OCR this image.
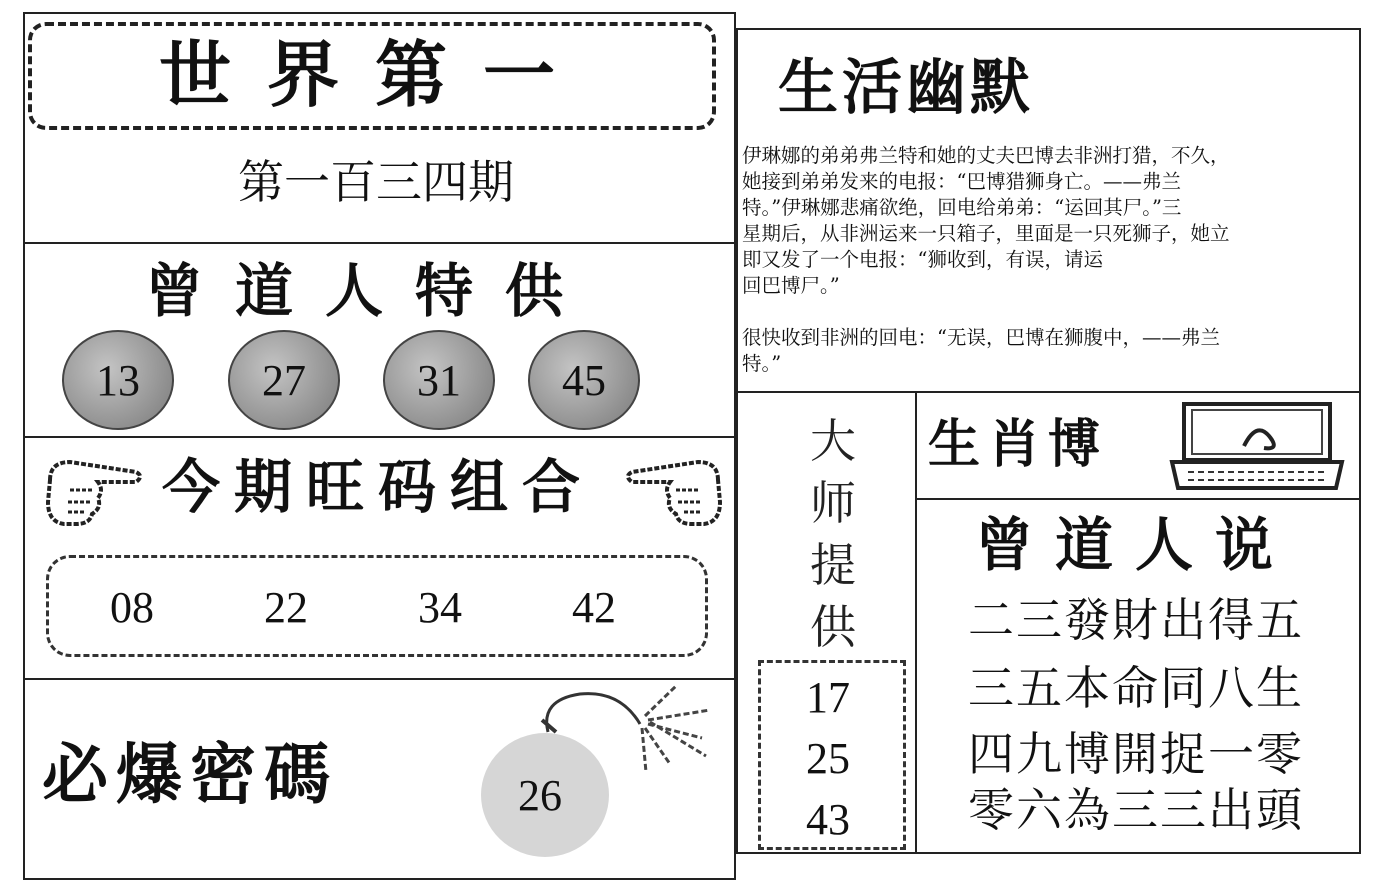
世界第一
第一百三四期
曾道人特供
13	27	31	45
今期旺码组合
08	22	34	42
必爆密碼	26
生活幽默
伊琳娜的弟弟弗兰特和她的丈夫巴博去非洲打猎，不久，
她接到弟弟发来的电报：“巴博猎狮身亡。——弗兰
特。”伊琳娜悲痛欲绝，回电给弟弟：“运回其尸。”三
星期后，从非洲运来一只箱子，里面是一只死狮子，她立
即又发了一个电报：“狮收到，有误，请运
回巴博尸。”
很快收到非洲的回电：“无误，巴博在狮腹中，——弗兰
特。”
大
师
提
供
17
25
43
生肖博
曾道人说
二三發財出得五
三五本命同八生
四九博開捉一零
零六為三三出頭
